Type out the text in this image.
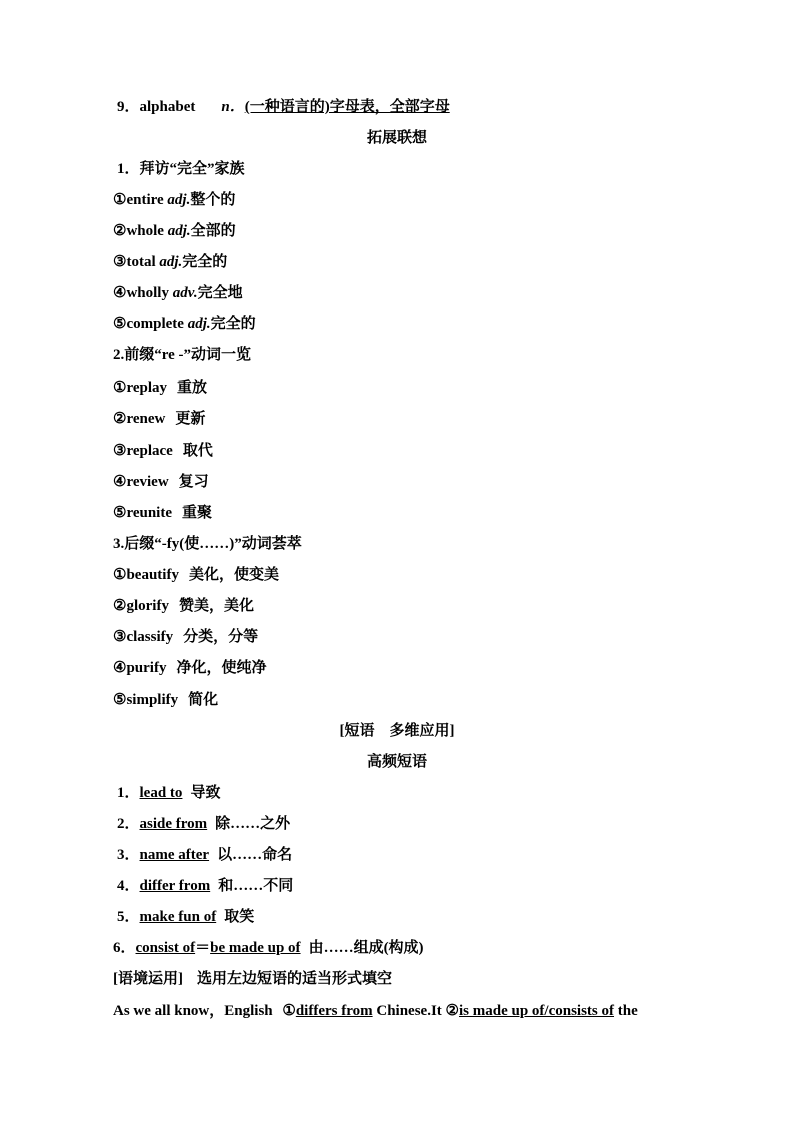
9．alphabet n．(一种语言的)字母表，全部字母
拓展联想
1．拜访“完全”家族
①entire adj.整个的
②whole adj.全部的
③total adj.完全的
④wholly adv.完全地
⑤complete adj.完全的
2.前缀“re -”动词一览
①replay 重放
②renew 更新
③replace 取代
④review 复习
⑤reunite 重聚
3.后缀“-fy(使……)”动词荟萃
①beautify 美化，使变美
②glorify 赞美，美化
③classify 分类，分等
④purify 净化，使纯净
⑤simplify 简化
[短语　多维应用]
高频短语
1．lead to 导致
2．aside from 除……之外
3．name after 以……命名
4．differ from 和……不同
5．make fun of 取笑
6．consist of＝be made up of 由……组成(构成)
[语境运用] 选用左边短语的适当形式填空
As we all know，English ①differs from Chinese.It ②is made up of/consists of the
